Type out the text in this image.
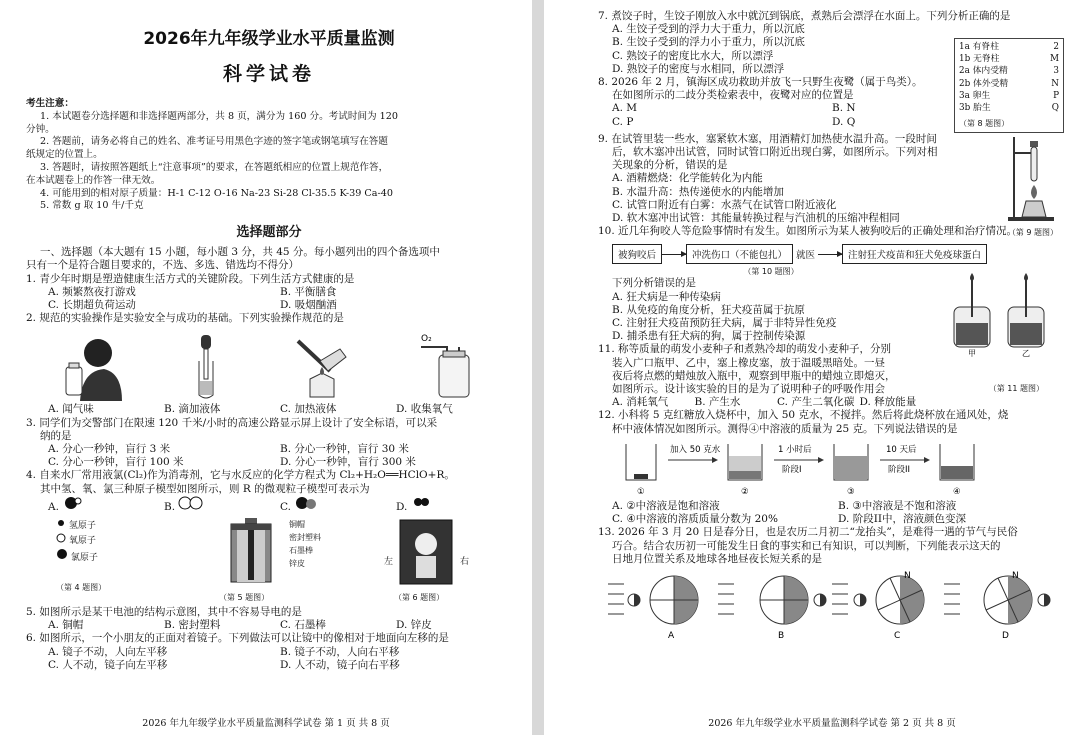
2026年九年级学业水平质量监测
科学试卷

考生注意：

1. 本试题卷分选择题和非选择题两部分，共 8 页，满分为 160 分。考试时间为 120

分钟。

2. 答题前，请务必将自己的姓名、准考证号用黑色字迹的签字笔或钢笔填写在答题

纸规定的位置上。

3. 答题时，请按照答题纸上“注意事项”的要求，在答题纸相应的位置上规范作答，

在本试题卷上的作答一律无效。

4. 可能用到的相对原子质量：H-1 C-12 O-16 Na-23 Si-28 Cl-35.5 K-39 Ca-40

5. 常数 g 取 10 牛/千克

选择题部分

一、选择题（本大题有 15 小题，每小题 3 分，共 45 分。每小题列出的四个备选项中

只有一个是符合题目要求的，不选、多选、错选均不得分）

1. 青少年时期是塑造健康生活方式的关键阶段。下列生活方式健康的是

A. 频繁熬夜打游戏	B. 平衡膳食
C. 长期超负荷运动	D. 吸烟酗酒

2. 规范的实验操作是实验安全与成功的基础。下列实验操作规范的是

O₂
A. 闻气味	B. 滴加液体	C. 加热液体	D. 收集氧气

3. 同学们为交警部门在限速 120 千米/小时的高速公路显示屏上设计了安全标语，可以采

纳的是

A. 分心一秒钟，盲行 3 米	B. 分心一秒钟，盲行 30 米
C. 分心一秒钟，盲行 100 米	D. 分心一秒钟，盲行 300 米

4. 自来水厂常用液氯(Cl₂)作为消毒剂，它与水反应的化学方程式为 Cl₂+H₂O══HClO+R。

其中氢、氧、氯三种原子模型如图所示，则 R 的微观粒子模型可表示为

A.	B.	C.	D.
氢原子
氧原子
氯原子
（第 4 题图）
铜帽
密封塑料
石墨棒
锌皮
（第 5 题图）
左	右
（第 6 题图）

5. 如图所示是某干电池的结构示意图，其中不容易导电的是

A. 铜帽	B. 密封塑料	C. 石墨棒	D. 锌皮

6. 如图所示，一个小朋友的正面对着镜子。下列做法可以让镜中的像相对于地面向左移的是

A. 镜子不动，人向左平移	B. 镜子不动，人向右平移
C. 人不动，镜子向左平移	D. 人不动，镜子向右平移
2026 年九年级学业水平质量监测科学试卷 第 1 页 共 8 页

7. 煮饺子时，生饺子刚放入水中就沉到锅底，煮熟后会漂浮在水面上。下列分析正确的是

A. 生饺子受到的浮力大于重力，所以沉底

B. 生饺子受到的浮力小于重力，所以沉底

C. 熟饺子的密度比水大，所以漂浮

D. 熟饺子的密度与水相同，所以漂浮

1a 有脊柱	2
1b 无脊柱	M
2a 体内受精	3
2b 体外受精	N
3a 卵生	P
3b 胎生	Q
（第 8 题图）

8. 2026 年 2 月，镇海区成功救助并放飞一只野生夜鹭（属于鸟类）。

在如图所示的二歧分类检索表中，夜鹭对应的位置是

A. M	B. N
C. P	D. Q

9. 在试管里装一些水，塞紧软木塞，用酒精灯加热使水温升高。一段时间

后，软木塞冲出试管，同时试管口附近出现白雾，如图所示。下列对相

关现象的分析，错误的是

A. 酒精燃烧：化学能转化为内能

B. 水温升高：热传递使水的内能增加

C. 试管口附近有白雾：水蒸气在试管口附近液化

D. 软木塞冲出试管：其能量转换过程与汽油机的压缩冲程相同

（第 9 题图）

10. 近几年狗咬人等危险事情时有发生。如图所示为某人被狗咬后的正确处理和治疗情况。

被狗咬后	冲洗伤口（不能包扎） 就医	注射狂犬疫苗和狂犬免疫球蛋白
（第 10 题图）

下列分析错误的是

A. 狂犬病是一种传染病

B. 从免疫的角度分析，狂犬疫苗属于抗原

C. 注射狂犬疫苗预防狂犬病，属于非特异性免疫

D. 捕杀患有狂犬病的狗，属于控制传染源

甲	乙

11. 称等质量的萌发小麦种子和煮熟冷却的萌发小麦种子，分别

装入广口瓶甲、乙中，塞上橡皮塞，放于温暖黑暗处。一昼

夜后将点燃的蜡烛放入瓶中，观察到甲瓶中的蜡烛立即熄灭，

如图所示。设计该实验的目的是为了说明种子的呼吸作用会

A. 消耗氧气	B. 产生水	C. 产生二氧化碳 D. 释放能量
（第 11 题图）

12. 小科将 5 克红糖放入烧杯中，加入 50 克水，不搅拌。然后将此烧杯放在通风处，烧

杯中液体情况如图所示。测得④中溶液的质量为 25 克。下列说法错误的是

①
加入 50 克水
②
1 小时后
阶段I
③
10 天后
阶段II
④
A. ②中溶液是饱和溶液	B. ③中溶液是不饱和溶液
C. ④中溶液的溶质质量分数为 20%	D. 阶段II中，溶液颜色变深

13. 2026 年 3 月 20 日是春分日，也是农历二月初二“龙抬头”，是难得一遇的节气与民俗

巧合。结合农历初一可能发生日食的事实和已有知识，可以判断，下列能表示这天的

日地月位置关系及地球各地昼夜长短关系的是

A	B
N
C
N
D
2026 年九年级学业水平质量监测科学试卷 第 2 页 共 8 页
